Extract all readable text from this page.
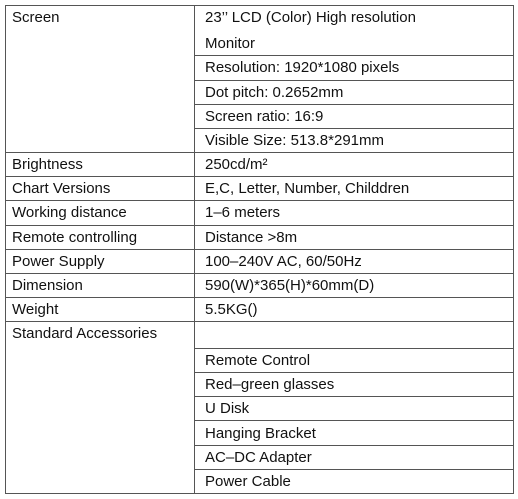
Screen	23’’ LCD (Color) High resolution
	Monitor
	Resolution: 1920*1080 pixels
	Dot pitch: 0.2652mm
	Screen ratio: 16:9
	Visible Size: 513.8*291mm
Brightness	250cd/m²
Chart Versions	E,C, Letter, Number, Childdren
Working distance	1–6 meters
Remote controlling	Distance >8m
Power Supply	100–240V AC, 60/50Hz
Dimension	590(W)*365(H)*60mm(D)
Weight	5.5KG()
Standard Accessories	
	Remote Control
	Red–green glasses
	U Disk
	Hanging Bracket
	AC–DC Adapter
	Power Cable
